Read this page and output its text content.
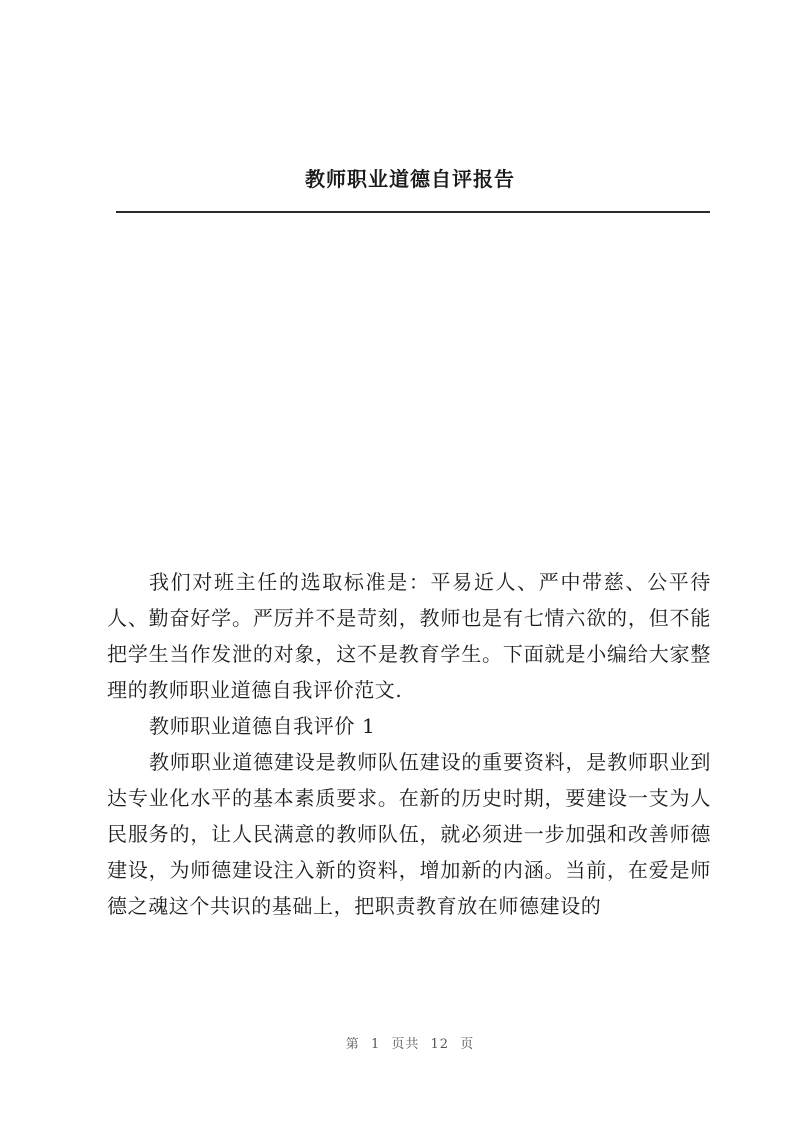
教师职业道德自评报告

我们对班主任的选取标准是：平易近人、严中带慈、公平待人、勤奋好学。严厉并不是苛刻，教师也是有七情六欲的，但不能把学生当作发泄的对象，这不是教育学生。下面就是小编给大家整理的教师职业道德自我评价范文.

教师职业道德自我评价 1

教师职业道德建设是教师队伍建设的重要资料，是教师职业到达专业化水平的基本素质要求。在新的历史时期，要建设一支为人民服务的，让人民满意的教师队伍，就必须进一步加强和改善师德建设，为师德建设注入新的资料，增加新的内涵。当前，在爱是师德之魂这个共识的基础上，把职责教育放在师德建设的

第 1 页共 12 页
